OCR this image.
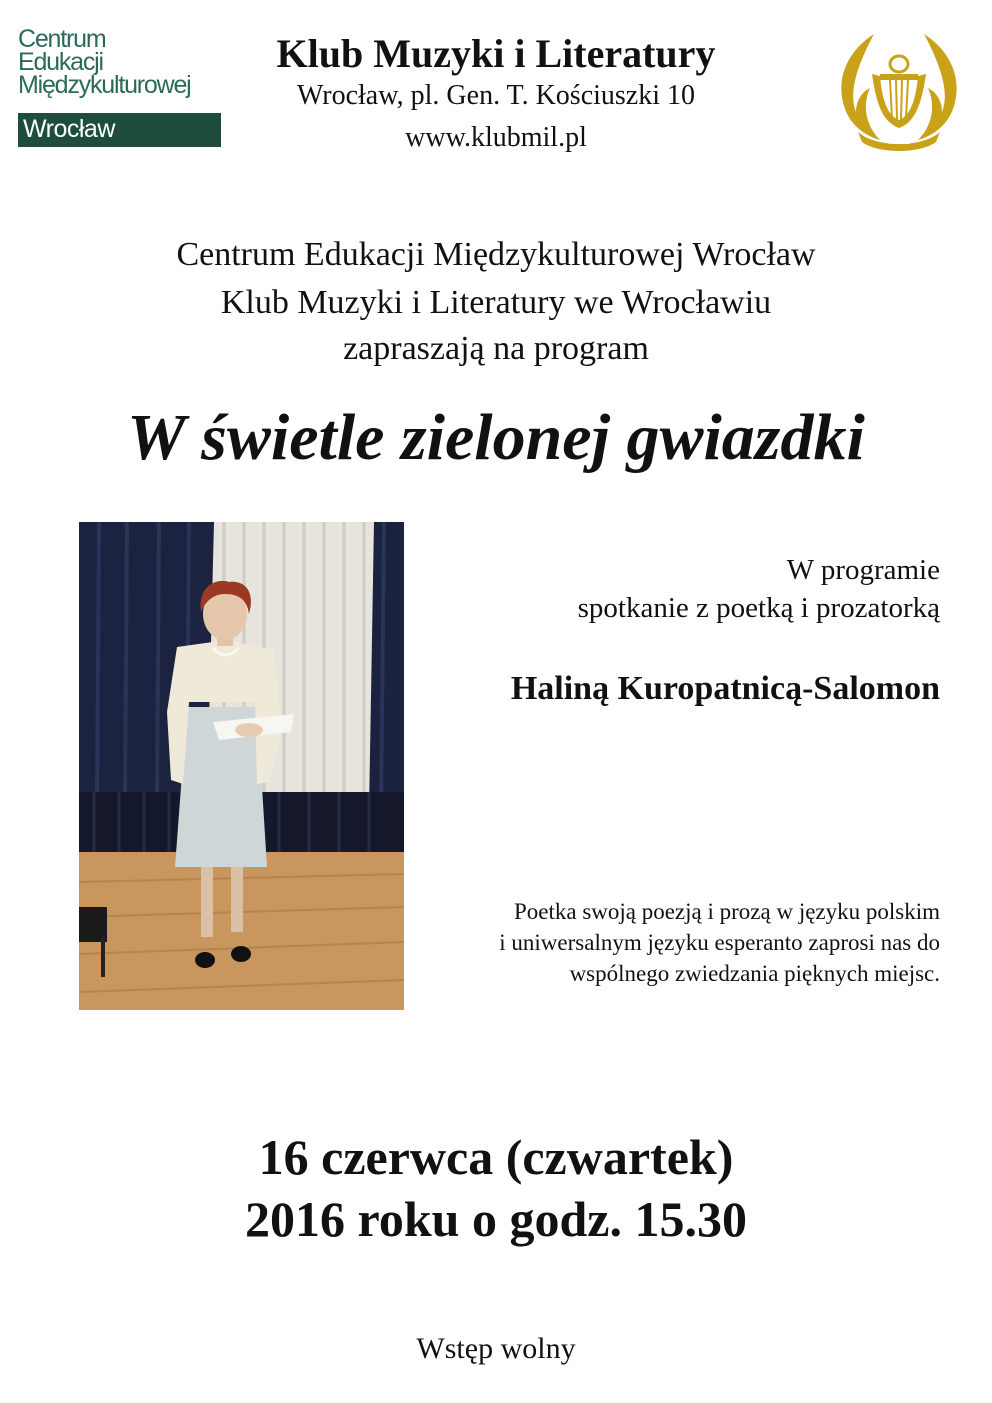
Centrum
Edukacji
Międzykulturowej
Wrocław
Klub Muzyki i Literatury
Wrocław, pl. Gen. T. Kościuszki 10
www.klubmil.pl	KMiL
Centrum Edukacji Międzykulturowej Wrocław
Klub Muzyki i Literatury we Wrocławiu
zapraszają na program
W świetle zielonej gwiazdki
W programie
spotkanie z poetką i prozatorką
Haliną Kuropatnicą-Salomon
Poetka swoją poezją i prozą w języku polskim
i uniwersalnym języku esperanto zaprosi nas do
wspólnego zwiedzania pięknych miejsc.
16 czerwca (czwartek)
2016 roku o godz. 15.30
Wstęp wolny
